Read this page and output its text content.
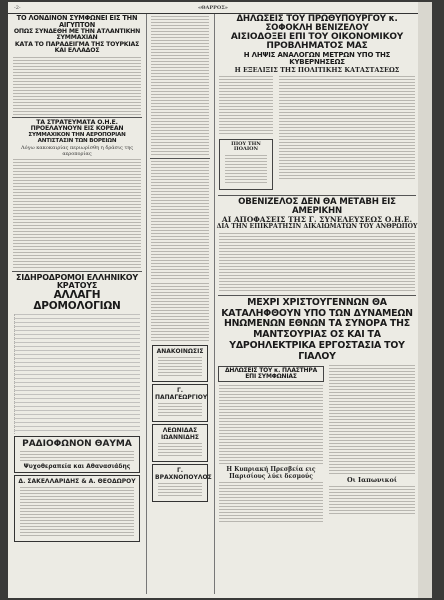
-2-	«ΘΑΡΡΟΣ»
ΤΟ ΛΟΝΔΙΝΟΝ ΣΥΜΦΩΝΕΙ ΕΙΣ ΤΗΝ ΑΙΓΥΠΤΟΝ
ΟΠΩΣ ΣΥΝΔΕΘΗ ΜΕ ΤΗΝ ΑΤΛΑΝΤΙΚΗΝ ΣΥΜΜΑΧΙΑΝ
ΚΑΤΑ ΤΟ ΠΑΡΑΔΕΙΓΜΑ ΤΗΣ ΤΟΥΡΚΙΑΣ ΚΑΙ ΕΛΛΑΔΟΣ
ΤΑ ΣΤΡΑΤΕΥΜΑΤΑ Ο.Η.Ε. ΠΡΟΕΛΑΥΝΟΥΝ ΕΙΣ ΚΟΡΕΑΝ
ΣΥΜΜΑΧΙΚΟΝ ΤΗΝ ΑΕΡΟΠΟΡΙΑΝ ΑΝΤΙΣΤΑΣΙΝ ΤΩΝ ΒΟΡΕΙΩΝ
Λόγω κακοκαιρίας περιωρίσθη η δράσις της αεροπορίας
ΣΙΔΗΡΟΔΡΟΜΟΙ ΕΛΛΗΝΙΚΟΥ ΚΡΑΤΟΥΣ
ΑΛΛΑΓΗ ΔΡΟΜΟΛΟΓΙΩΝ
ΡΑΔΙΟΦΩΝΟΝ ΘΑΥΜΑ
Ψυχοθεραπεία και Αθανασιάδης
Δ. ΣΑΚΕΛΛΑΡΙΔΗΣ & Α. ΘΕΟΔΩΡΟΥ
ΑΝΑΚΟΙΝΩΣΙΣ
Γ. ΠΑΠΑΓΕΩΡΓΙΟΥ
ΛΕΩΝΙΔΑΣ ΙΩΑΝΝΙΔΗΣ
Γ. ΒΡΑΧΝΟΠΟΥΛΟΣ
ΔΗΛΩΣΕΙΣ ΤΟΥ ΠΡΩΘΥΠΟΥΡΓΟΥ κ. ΣΟΦΟΚΛΗ ΒΕΝΙΖΕΛΟΥ
ΑΙΣΙΟΔΟΞΕΙ ΕΠΙ ΤΟΥ ΟΙΚΟΝΟΜΙΚΟΥ ΠΡΟΒΛΗΜΑΤΟΣ ΜΑΣ
Η ΛΗΨΙΣ ΑΝΑΛΟΓΩΝ ΜΕΤΡΩΝ ΥΠΟ ΤΗΣ ΚΥΒΕΡΝΗΣΕΩΣ
Η ΕΞΕΛΙΞΙΣ ΤΗΣ ΠΟΛΙΤΙΚΗΣ ΚΑΤΑΣΤΑΣΕΩΣ
ΠΙΟΥ ΤΗΝ ΠΟΛΙΟΝ
ΟΒΕΝΙΖΕΛΟΣ ΔΕΝ ΘΑ ΜΕΤΑΒΗ ΕΙΣ ΑΜΕΡΙΚΗΝ
ΑΙ ΑΠΟΦΑΣΕΙΣ ΤΗΣ Γ. ΣΥΝΕΛΕΥΣΕΩΣ Ο.Η.Ε.
ΔΙΑ ΤΗΝ ΕΠΙΚΡΑΤΗΣΙΝ ΔΙΚΑΙΩΜΑΤΩΝ ΤΟΥ ΑΝΘΡΩΠΟΥ
ΜΕΧΡΙ ΧΡΙΣΤΟΥΓΕΝΝΩΝ ΘΑ ΚΑΤΑΛΗΦΘΟΥΝ ΥΠΟ ΤΩΝ ΔΥΝΑΜΕΩΝ ΗΝΩΜΕΝΩΝ ΕΘΝΩΝ ΤΑ ΣΥΝΟΡΑ ΤΗΣ ΜΑΝΤΣΟΥΡΙΑΣ ΟΣ ΚΑΙ ΤΑ ΥΔΡΟΗΛΕΚΤΡΙΚΑ ΕΡΓΟΣΤΑΣΙΑ ΤΟΥ ΓΙΑΛΟΥ
ΔΗΛΩΣΕΙΣ ΤΟΥ κ. ΠΛΑΣΤΗΡΑ ΕΠΙ ΣΥΜΦΩΝΙΑΣ
Η Κυπριακή Πρεσβεία εις Παρισίους λύει δεσμούς	Οι Ιαπωνικοί
